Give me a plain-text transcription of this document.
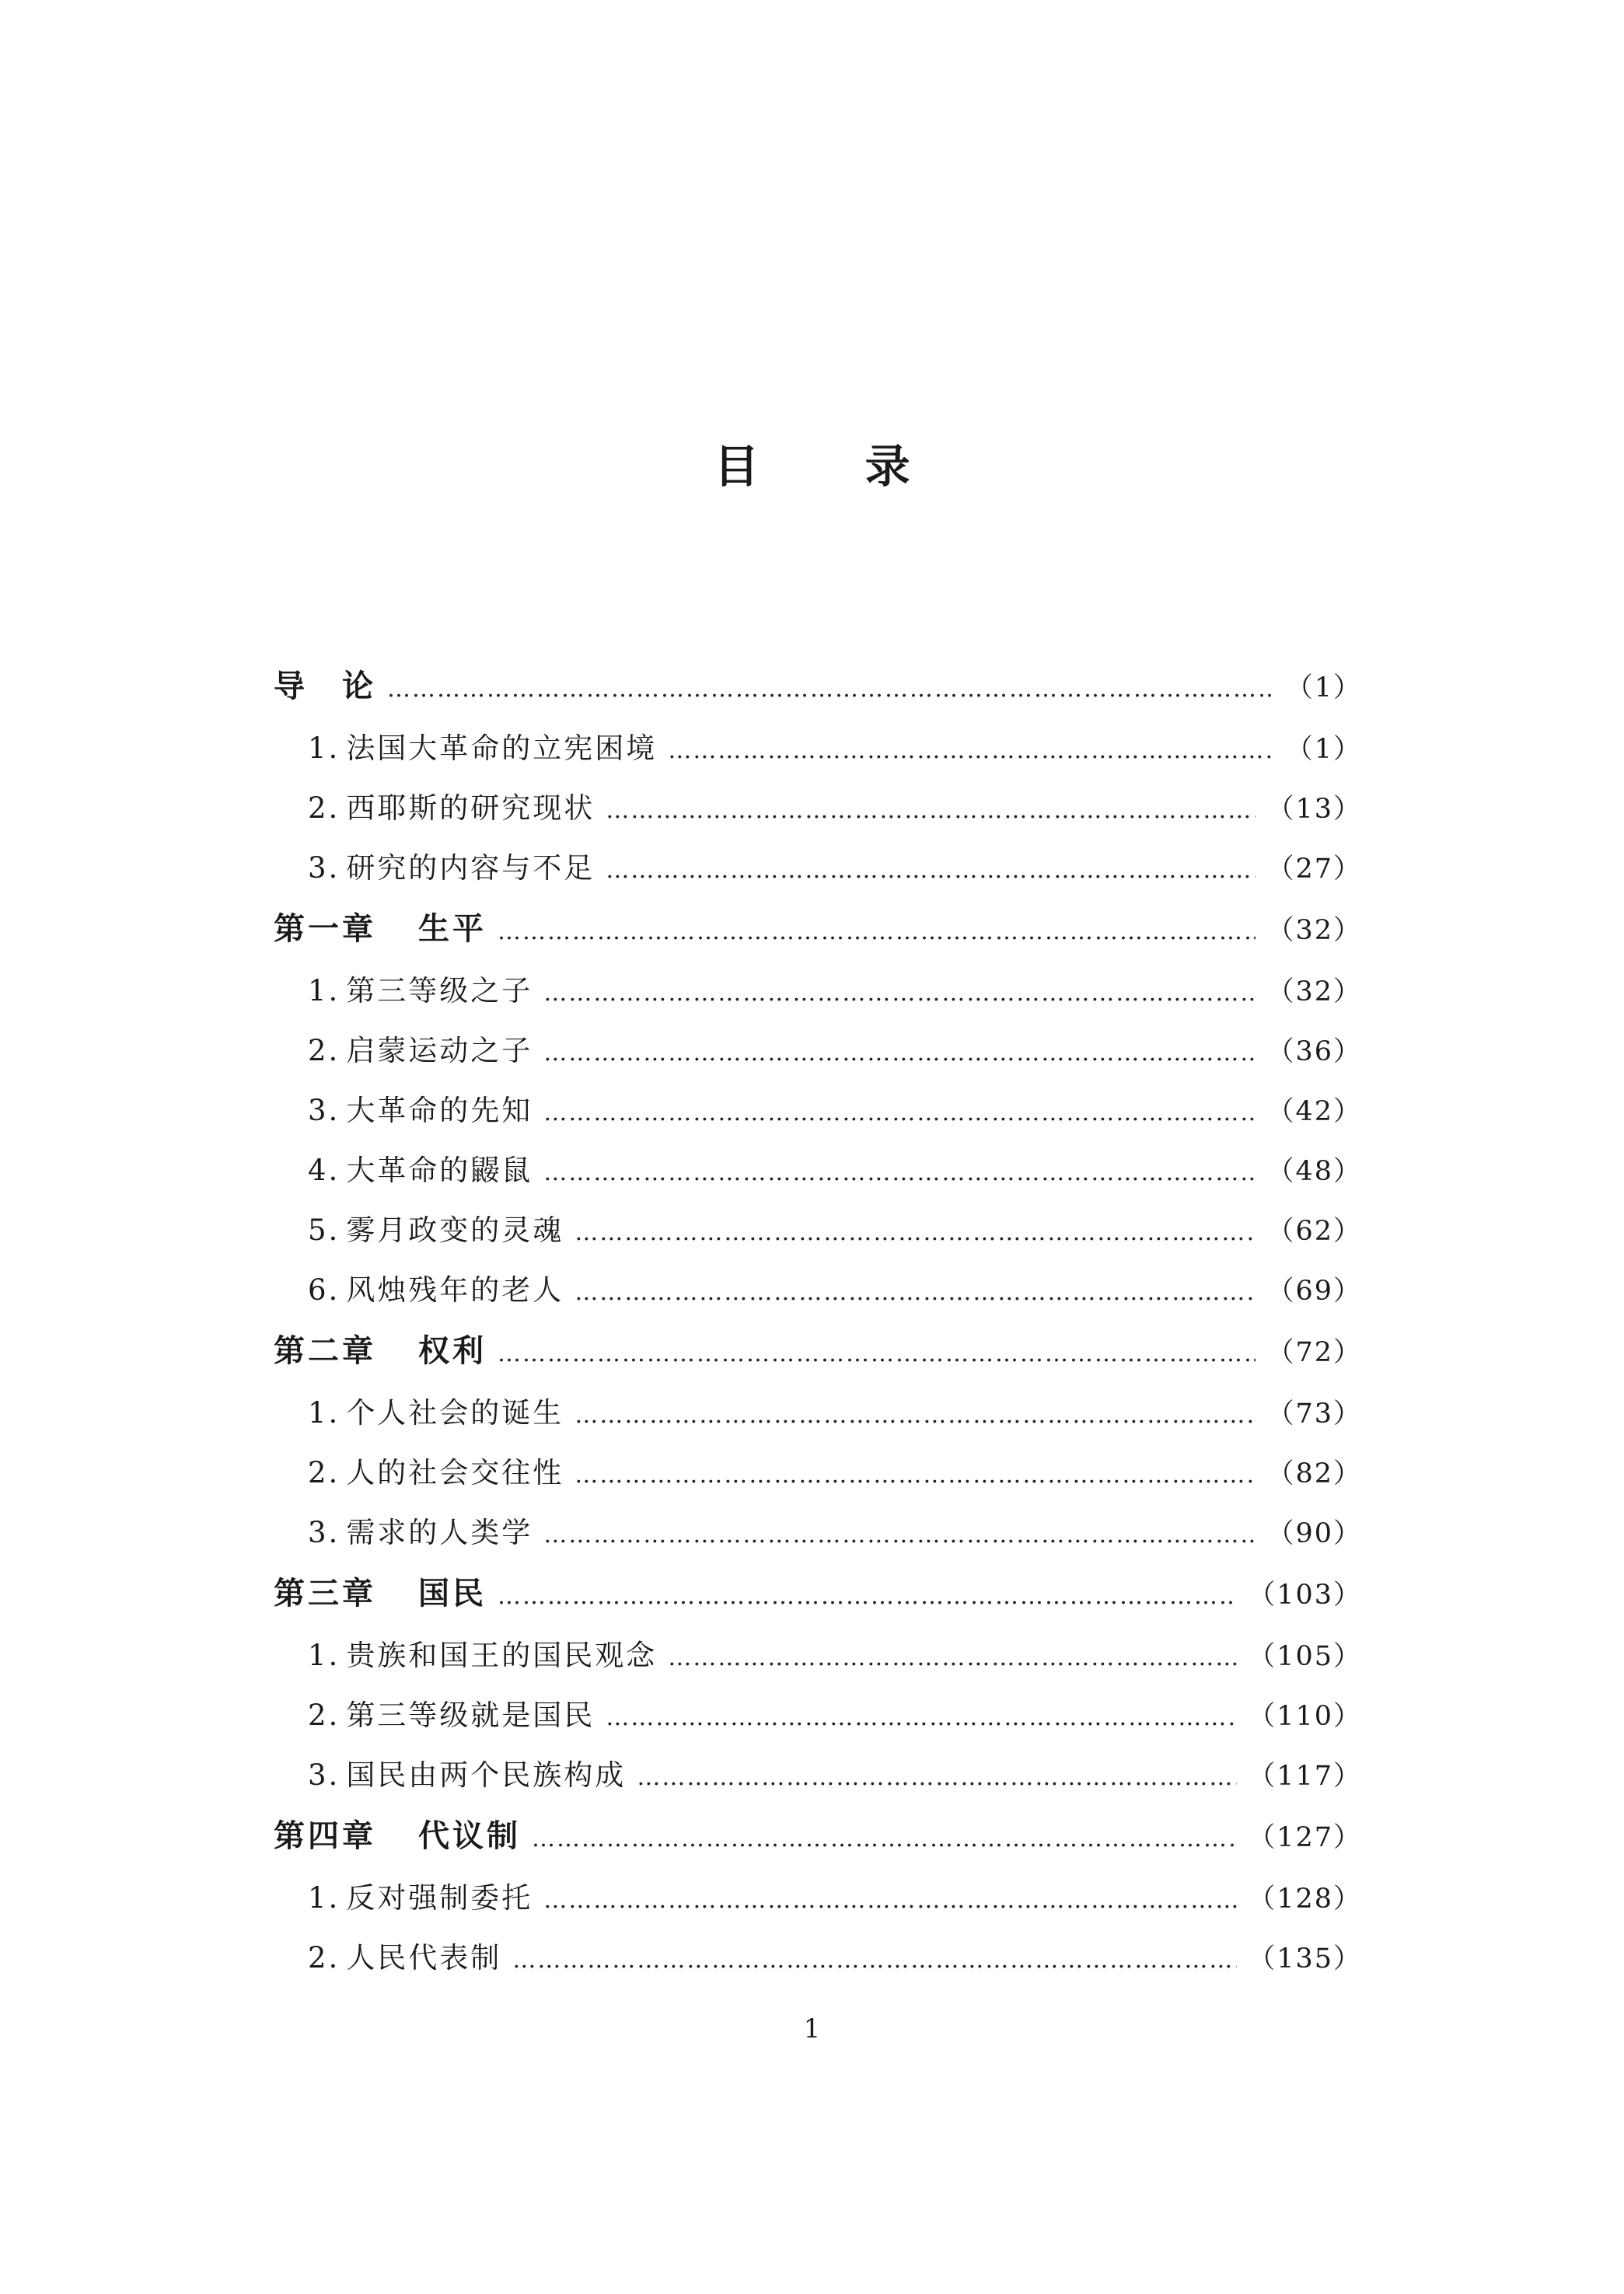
目 录
导 论 ……………………………………………………………………………………………………………………………………………………………………………………	（1）
1. 法国大革命的立宪困境 ……………………………………………………………………………………………………………………………………………………………………………………	（1）
2. 西耶斯的研究现状 ……………………………………………………………………………………………………………………………………………………………………………………	（13）
3. 研究的内容与不足 ……………………………………………………………………………………………………………………………………………………………………………………	（27）
第一章 生平 ……………………………………………………………………………………………………………………………………………………………………………………	（32）
1. 第三等级之子 ……………………………………………………………………………………………………………………………………………………………………………………	（32）
2. 启蒙运动之子 ……………………………………………………………………………………………………………………………………………………………………………………	（36）
3. 大革命的先知 ……………………………………………………………………………………………………………………………………………………………………………………	（42）
4. 大革命的鼹鼠 ……………………………………………………………………………………………………………………………………………………………………………………	（48）
5. 雾月政变的灵魂 ……………………………………………………………………………………………………………………………………………………………………………………	（62）
6. 风烛残年的老人 ……………………………………………………………………………………………………………………………………………………………………………………	（69）
第二章 权利 ……………………………………………………………………………………………………………………………………………………………………………………	（72）
1. 个人社会的诞生 ……………………………………………………………………………………………………………………………………………………………………………………	（73）
2. 人的社会交往性 ……………………………………………………………………………………………………………………………………………………………………………………	（82）
3. 需求的人类学 ……………………………………………………………………………………………………………………………………………………………………………………	（90）
第三章 国民 ……………………………………………………………………………………………………………………………………………………………………………………	（103）
1. 贵族和国王的国民观念 ……………………………………………………………………………………………………………………………………………………………………………………	（105）
2. 第三等级就是国民 ……………………………………………………………………………………………………………………………………………………………………………………	（110）
3. 国民由两个民族构成 ……………………………………………………………………………………………………………………………………………………………………………………	（117）
第四章 代议制 ……………………………………………………………………………………………………………………………………………………………………………………	（127）
1. 反对强制委托 ……………………………………………………………………………………………………………………………………………………………………………………	（128）
2. 人民代表制 ……………………………………………………………………………………………………………………………………………………………………………………	（135）
1
